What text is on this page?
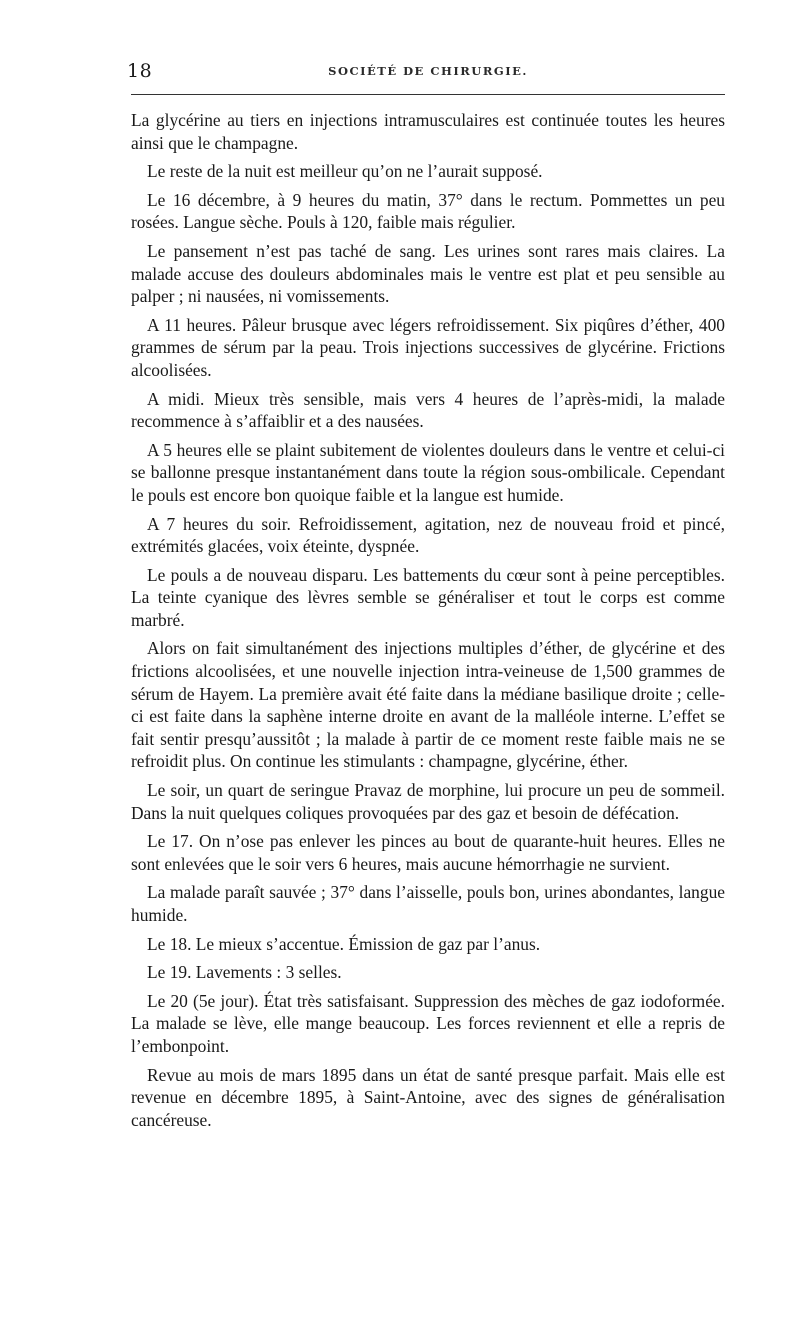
18	SOCIÉTÉ DE CHIRURGIE.

La glycérine au tiers en injections intramusculaires est continuée toutes les heures ainsi que le champagne.

Le reste de la nuit est meilleur qu’on ne l’aurait supposé.

Le 16 décembre, à 9 heures du matin, 37° dans le rectum. Pommettes un peu rosées. Langue sèche. Pouls à 120, faible mais régulier.

Le pansement n’est pas taché de sang. Les urines sont rares mais claires. La malade accuse des douleurs abdominales mais le ventre est plat et peu sensible au palper ; ni nausées, ni vomissements.

A 11 heures. Pâleur brusque avec légers refroidissement. Six piqûres d’éther, 400 grammes de sérum par la peau. Trois injections successives de glycérine. Frictions alcoolisées.

A midi. Mieux très sensible, mais vers 4 heures de l’après-midi, la malade recommence à s’affaiblir et a des nausées.

A 5 heures elle se plaint subitement de violentes douleurs dans le ventre et celui-ci se ballonne presque instantanément dans toute la région sous-ombilicale. Cependant le pouls est encore bon quoique faible et la langue est humide.

A 7 heures du soir. Refroidissement, agitation, nez de nouveau froid et pincé, extrémités glacées, voix éteinte, dyspnée.

Le pouls a de nouveau disparu. Les battements du cœur sont à peine perceptibles. La teinte cyanique des lèvres semble se généraliser et tout le corps est comme marbré.

Alors on fait simultanément des injections multiples d’éther, de glycérine et des frictions alcoolisées, et une nouvelle injection intra-veineuse de 1,500 grammes de sérum de Hayem. La première avait été faite dans la médiane basilique droite ; celle-ci est faite dans la saphène interne droite en avant de la malléole interne. L’effet se fait sentir presqu’aussitôt ; la malade à partir de ce moment reste faible mais ne se refroidit plus. On continue les stimulants : champagne, glycérine, éther.

Le soir, un quart de seringue Pravaz de morphine, lui procure un peu de sommeil. Dans la nuit quelques coliques provoquées par des gaz et besoin de défécation.

Le 17. On n’ose pas enlever les pinces au bout de quarante-huit heures. Elles ne sont enlevées que le soir vers 6 heures, mais aucune hémorrhagie ne survient.

La malade paraît sauvée ; 37° dans l’aisselle, pouls bon, urines abondantes, langue humide.

Le 18. Le mieux s’accentue. Émission de gaz par l’anus.

Le 19. Lavements : 3 selles.

Le 20 (5e jour). État très satisfaisant. Suppression des mèches de gaz iodoformée. La malade se lève, elle mange beaucoup. Les forces reviennent et elle a repris de l’embonpoint.

Revue au mois de mars 1895 dans un état de santé presque parfait. Mais elle est revenue en décembre 1895, à Saint-Antoine, avec des signes de généralisation cancéreuse.
